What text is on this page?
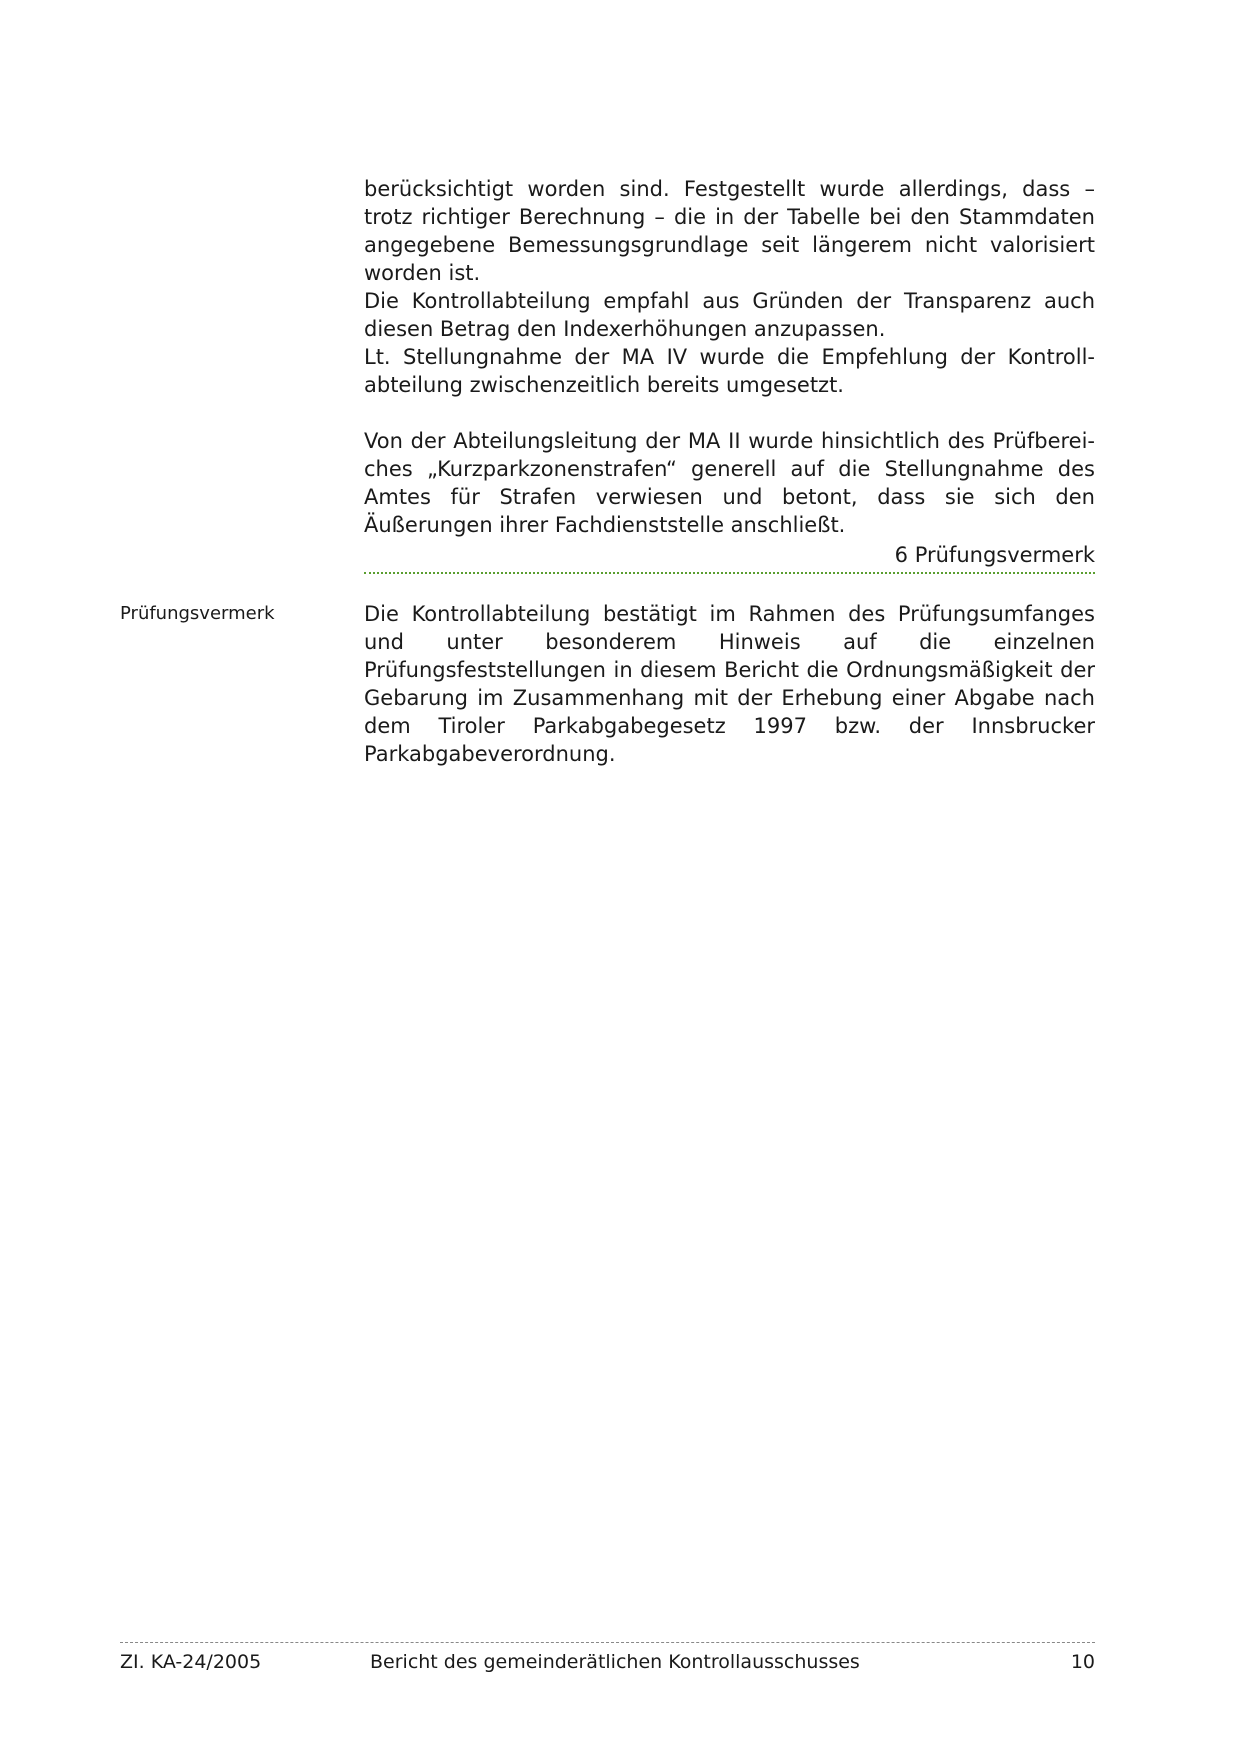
berücksichtigt worden sind. Festgestellt wurde allerdings, dass – trotz richtiger Berechnung – die in der Tabelle bei den Stammdaten angegebene Bemessungsgrundlage seit längerem nicht valorisiert worden ist.

Die Kontrollabteilung empfahl aus Gründen der Transparenz auch diesen Betrag den Indexerhöhungen anzupassen.

Lt. Stellungnahme der MA IV wurde die Empfehlung der Kontrollabteilung zwischenzeitlich bereits umgesetzt.

Von der Abteilungsleitung der MA II wurde hinsichtlich des Prüfbereiches „Kurzparkzonenstrafen“ generell auf die Stellungnahme des Amtes für Strafen verwiesen und betont, dass sie sich den Äußerungen ihrer Fachdienststelle anschließt.

6 Prüfungsvermerk
Prüfungsvermerk	Die Kontrollabteilung bestätigt im Rahmen des Prüfungsumfanges und unter besonderem Hinweis auf die einzelnen Prüfungsfeststellungen in diesem Bericht die Ordnungsmäßigkeit der Gebarung im Zusammenhang mit der Erhebung einer Abgabe nach dem Tiroler Parkabgabegesetz 1997 bzw. der Innsbrucker Parkabgabeverordnung.

ZI. KA-24/2005	Bericht des gemeinderätlichen Kontrollausschusses	10
